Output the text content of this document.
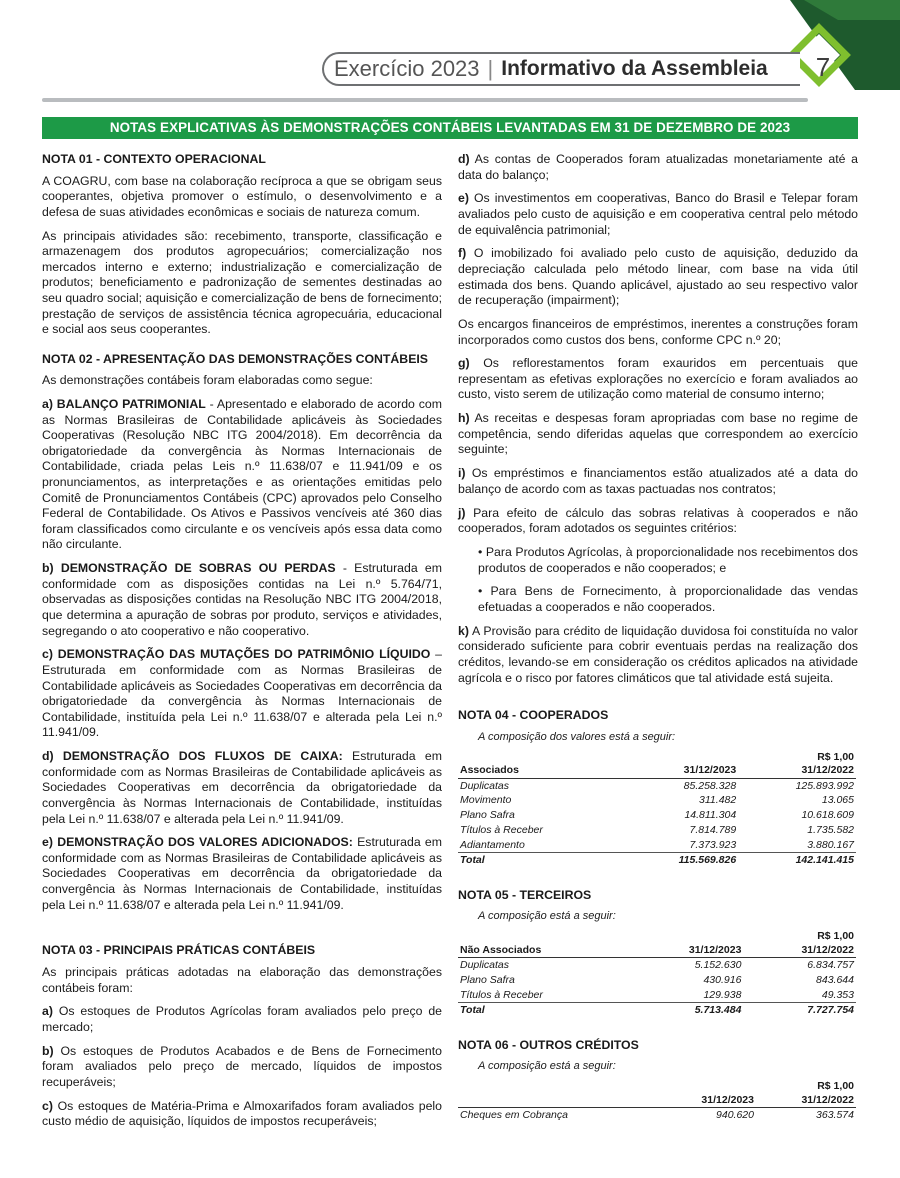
Exercício 2023 | Informativo da Assembleia	7
NOTAS EXPLICATIVAS ÀS DEMONSTRAÇÕES CONTÁBEIS LEVANTADAS EM 31 DE DEZEMBRO DE 2023

NOTA 01 - CONTEXTO OPERACIONAL

A COAGRU, com base na colaboração recíproca a que se obrigam seus cooperantes, objetiva promover o estímulo, o desenvolvimento e a defesa de suas atividades econômicas e sociais de natureza comum.

As principais atividades são: recebimento, transporte, classificação e armazenagem dos produtos agropecuários; comercialização nos mercados interno e externo; industrialização e comercialização de produtos; beneficiamento e padronização de sementes destinadas ao seu quadro social; aquisição e comercialização de bens de fornecimento; prestação de serviços de assistência técnica agropecuária, educacional e social aos seus cooperantes.

NOTA 02 - APRESENTAÇÃO DAS DEMONSTRAÇÕES CONTÁBEIS

As demonstrações contábeis foram elaboradas como segue:

a) BALANÇO PATRIMONIAL - Apresentado e elaborado de acordo com as Normas Brasileiras de Contabilidade aplicáveis às Sociedades Cooperativas (Resolução NBC ITG 2004/2018). Em decorrência da obrigatoriedade da convergência às Normas Internacionais de Contabilidade, criada pelas Leis n.º 11.638/07 e 11.941/09 e os pronunciamentos, as interpretações e as orientações emitidas pelo Comitê de Pronunciamentos Contábeis (CPC) aprovados pelo Conselho Federal de Contabilidade. Os Ativos e Passivos vencíveis até 360 dias foram classificados como circulante e os vencíveis após essa data como não circulante.

b) DEMONSTRAÇÃO DE SOBRAS OU PERDAS - Estruturada em conformidade com as disposições contidas na Lei n.º 5.764/71, observadas as disposições contidas na Resolução NBC ITG 2004/2018, que determina a apuração de sobras por produto, serviços e atividades, segregando o ato cooperativo e não cooperativo.

c) DEMONSTRAÇÃO DAS MUTAÇÕES DO PATRIMÔNIO LÍQUIDO – Estruturada em conformidade com as Normas Brasileiras de Contabilidade aplicáveis as Sociedades Cooperativas em decorrência da obrigatoriedade da convergência às Normas Internacionais de Contabilidade, instituída pela Lei n.º 11.638/07 e alterada pela Lei n.º 11.941/09.

d) DEMONSTRAÇÃO DOS FLUXOS DE CAIXA: Estruturada em conformidade com as Normas Brasileiras de Contabilidade aplicáveis as Sociedades Cooperativas em decorrência da obrigatoriedade da convergência às Normas Internacionais de Contabilidade, instituídas pela Lei n.º 11.638/07 e alterada pela Lei n.º 11.941/09.

e) DEMONSTRAÇÃO DOS VALORES ADICIONADOS: Estruturada em conformidade com as Normas Brasileiras de Contabilidade aplicáveis as Sociedades Cooperativas em decorrência da obrigatoriedade da convergência às Normas Internacionais de Contabilidade, instituídas pela Lei n.º 11.638/07 e alterada pela Lei n.º 11.941/09.

NOTA 03 - PRINCIPAIS PRÁTICAS CONTÁBEIS

As principais práticas adotadas na elaboração das demonstrações contábeis foram:

a) Os estoques de Produtos Agrícolas foram avaliados pelo preço de mercado;

b) Os estoques de Produtos Acabados e de Bens de Fornecimento foram avaliados pelo preço de mercado, líquidos de impostos recuperáveis;

c) Os estoques de Matéria-Prima e Almoxarifados foram avaliados pelo custo médio de aquisição, líquidos de impostos recuperáveis;

d) As contas de Cooperados foram atualizadas monetariamente até a data do balanço;

e) Os investimentos em cooperativas, Banco do Brasil e Telepar foram avaliados pelo custo de aquisição e em cooperativa central pelo método de equivalência patrimonial;

f) O imobilizado foi avaliado pelo custo de aquisição, deduzido da depreciação calculada pelo método linear, com base na vida útil estimada dos bens. Quando aplicável, ajustado ao seu respectivo valor de recuperação (impairment);

Os encargos financeiros de empréstimos, inerentes a construções foram incorporados como custos dos bens, conforme CPC n.º 20;

g) Os reflorestamentos foram exauridos em percentuais que representam as efetivas explorações no exercício e foram avaliados ao custo, visto serem de utilização como material de consumo interno;

h) As receitas e despesas foram apropriadas com base no regime de competência, sendo diferidas aquelas que correspondem ao exercício seguinte;

i) Os empréstimos e financiamentos estão atualizados até a data do balanço de acordo com as taxas pactuadas nos contratos;

j) Para efeito de cálculo das sobras relativas à cooperados e não cooperados, foram adotados os seguintes critérios:

• Para Produtos Agrícolas, à proporcionalidade nos recebimentos dos produtos de cooperados e não cooperados; e

• Para Bens de Fornecimento, à proporcionalidade das vendas efetuadas a cooperados e não cooperados.

k) A Provisão para crédito de liquidação duvidosa foi constituída no valor considerado suficiente para cobrir eventuais perdas na realização dos créditos, levando-se em consideração os créditos aplicados na atividade agrícola e o risco por fatores climáticos que tal atividade está sujeita.

NOTA 04 - COOPERADOS

A composição dos valores está a seguir:
		R$ 1,00
Associados	31/12/2023	31/12/2022
Duplicatas	85.258.328	125.893.992
Movimento	311.482	13.065
Plano Safra	14.811.304	10.618.609
Títulos à Receber	7.814.789	1.735.582
Adiantamento	7.373.923	3.880.167
Total	115.569.826	142.141.415

NOTA 05 - TERCEIROS

A composição está a seguir:
		R$ 1,00
Não Associados	31/12/2023	31/12/2022
Duplicatas	5.152.630	6.834.757
Plano Safra	430.916	843.644
Títulos à Receber	129.938	49.353
Total	5.713.484	7.727.754

NOTA 06 - OUTROS CRÉDITOS

A composição está a seguir:
		R$ 1,00
	31/12/2023	31/12/2022
Cheques em Cobrança	940.620	363.574
